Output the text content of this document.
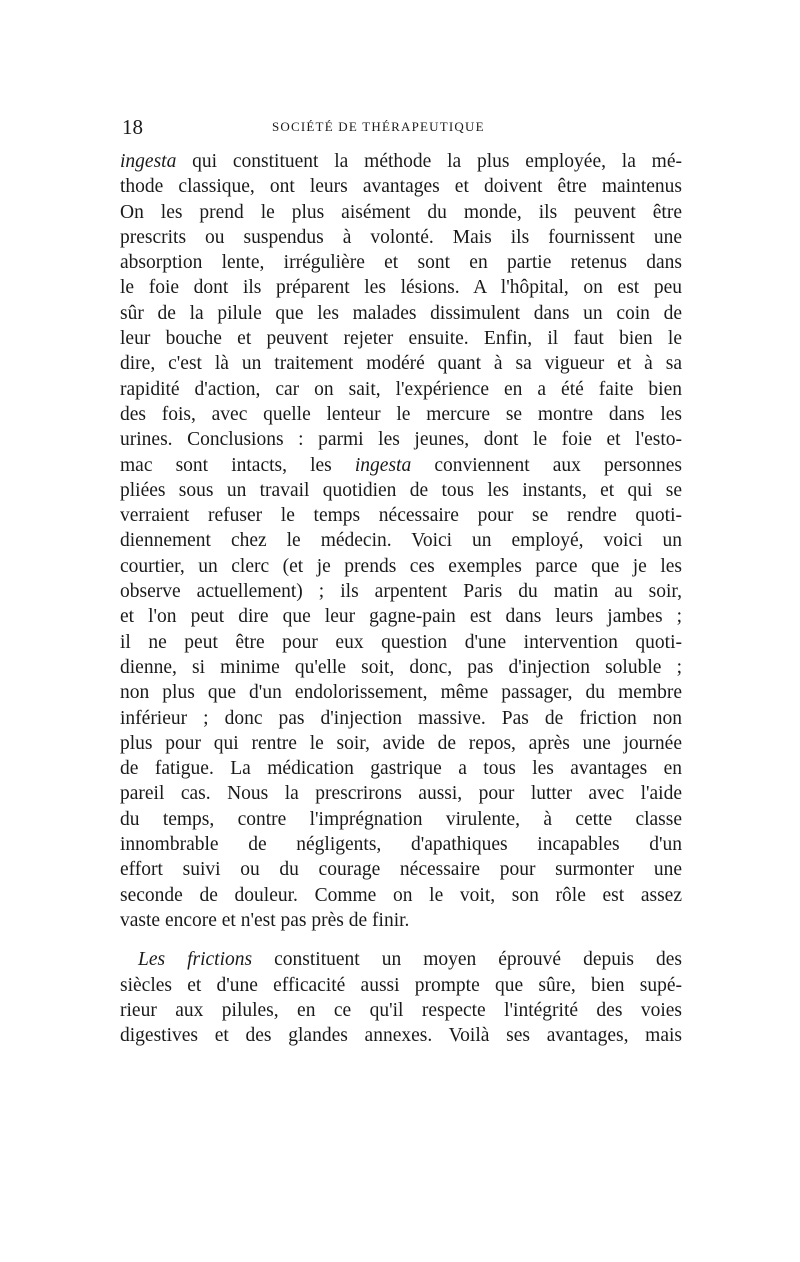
18	SOCIÉTÉ DE THÉRAPEUTIQUE
ingesta qui constituent la méthode la plus employée, la mé-
thode classique, ont leurs avantages et doivent être maintenus
On les prend le plus aisément du monde, ils peuvent être
prescrits ou suspendus à volonté. Mais ils fournissent une
absorption lente, irrégulière et sont en partie retenus dans
le foie dont ils préparent les lésions. A l'hôpital, on est peu
sûr de la pilule que les malades dissimulent dans un coin de
leur bouche et peuvent rejeter ensuite. Enfin, il faut bien le
dire, c'est là un traitement modéré quant à sa vigueur et à sa
rapidité d'action, car on sait, l'expérience en a été faite bien
des fois, avec quelle lenteur le mercure se montre dans les
urines. Conclusions : parmi les jeunes, dont le foie et l'esto-
mac sont intacts, les ingesta conviennent aux personnes
pliées sous un travail quotidien de tous les instants, et qui se
verraient refuser le temps nécessaire pour se rendre quoti-
diennement chez le médecin. Voici un employé, voici un
courtier, un clerc (et je prends ces exemples parce que je les
observe actuellement) ; ils arpentent Paris du matin au soir,
et l'on peut dire que leur gagne-pain est dans leurs jambes ;
il ne peut être pour eux question d'une intervention quoti-
dienne, si minime qu'elle soit, donc, pas d'injection soluble ;
non plus que d'un endolorissement, même passager, du membre
inférieur ; donc pas d'injection massive. Pas de friction non
plus pour qui rentre le soir, avide de repos, après une journée
de fatigue. La médication gastrique a tous les avantages en
pareil cas. Nous la prescrirons aussi, pour lutter avec l'aide
du temps, contre l'imprégnation virulente, à cette classe
innombrable de négligents, d'apathiques incapables d'un
effort suivi ou du courage nécessaire pour surmonter une
seconde de douleur. Comme on le voit, son rôle est assez
vaste encore et n'est pas près de finir.
Les frictions constituent un moyen éprouvé depuis des
siècles et d'une efficacité aussi prompte que sûre, bien supé-
rieur aux pilules, en ce qu'il respecte l'intégrité des voies
digestives et des glandes annexes. Voilà ses avantages, mais
